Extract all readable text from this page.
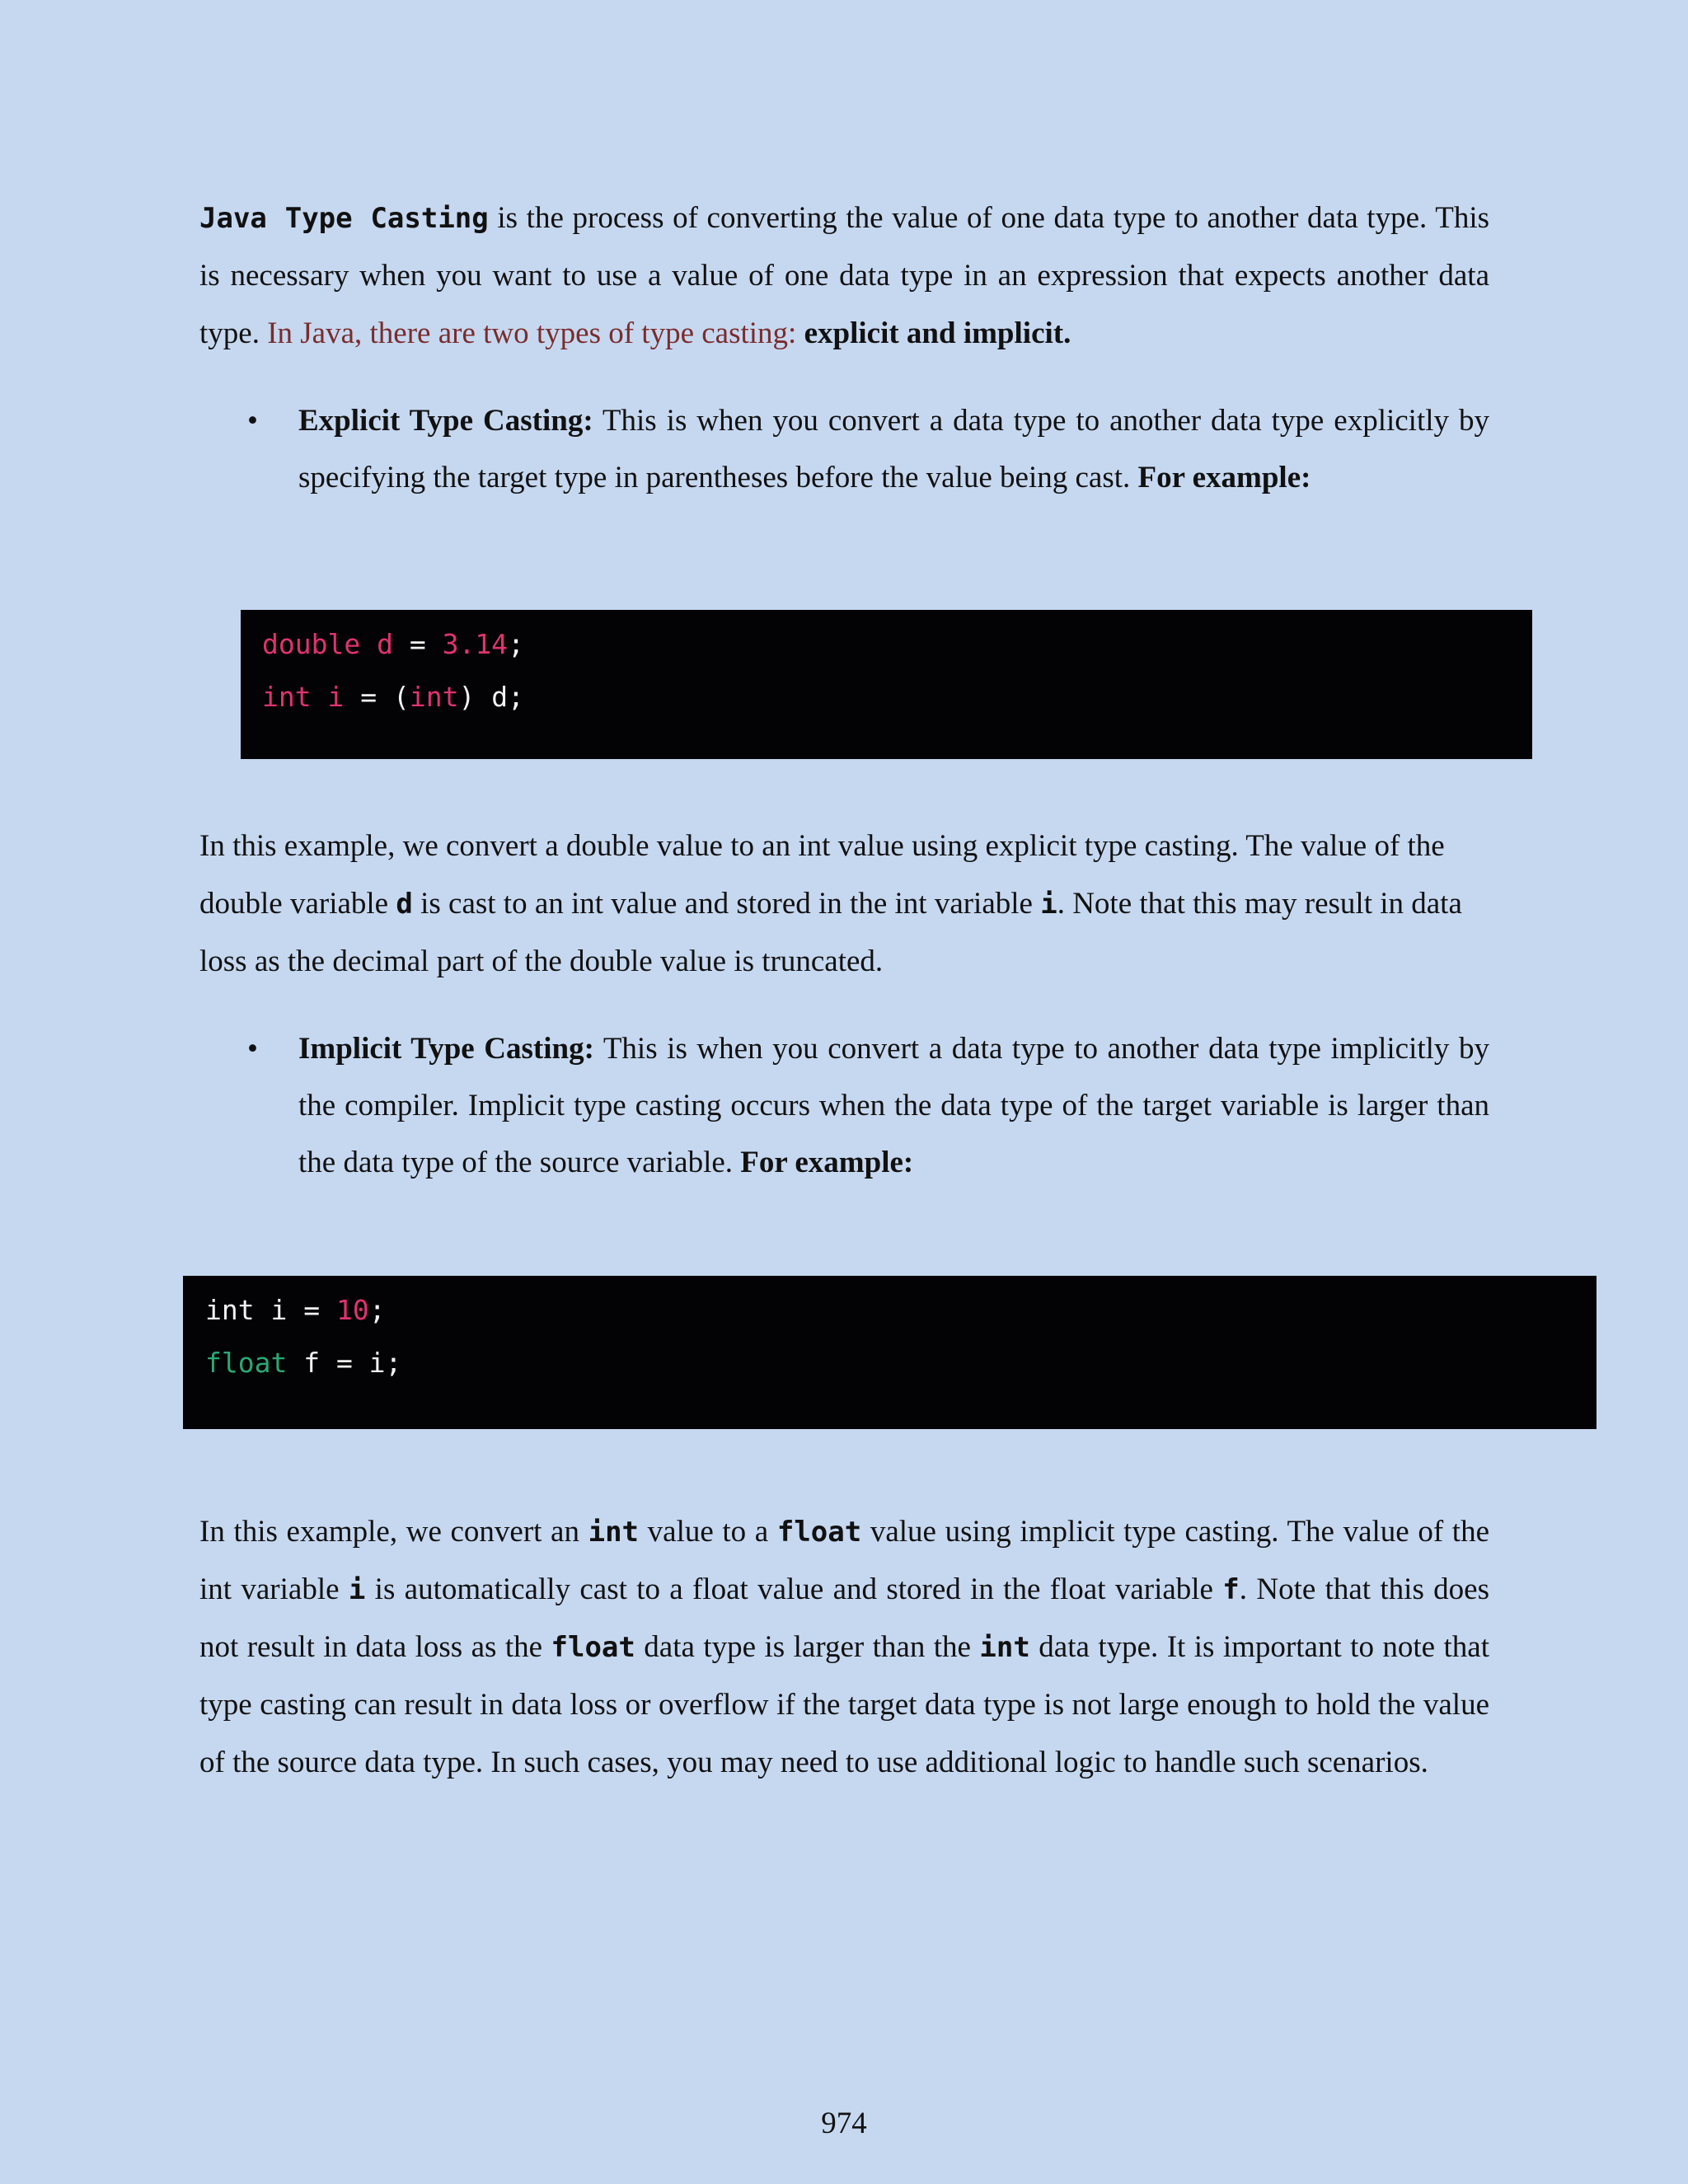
Java Type Casting is the process of converting the value of one data type to another data type. This is necessary when you want to use a value of one data type in an expression that expects another data type. In Java, there are two types of type casting: explicit and implicit.

• Explicit Type Casting: This is when you convert a data type to another data type explicitly by specifying the target type in parentheses before the value being cast. For example:

double d = 3.14;
int i = (int) d;

In this example, we convert a double value to an int value using explicit type casting. The value of the double variable d is cast to an int value and stored in the int variable i. Note that this may result in data loss as the decimal part of the double value is truncated.

• Implicit Type Casting: This is when you convert a data type to another data type implicitly by the compiler. Implicit type casting occurs when the data type of the target variable is larger than the data type of the source variable. For example:

int i = 10;
float f = i;

In this example, we convert an int value to a float value using implicit type casting. The value of the int variable i is automatically cast to a float value and stored in the float variable f. Note that this does not result in data loss as the float data type is larger than the int data type. It is important to note that type casting can result in data loss or overflow if the target data type is not large enough to hold the value of the source data type. In such cases, you may need to use additional logic to handle such scenarios.

974
